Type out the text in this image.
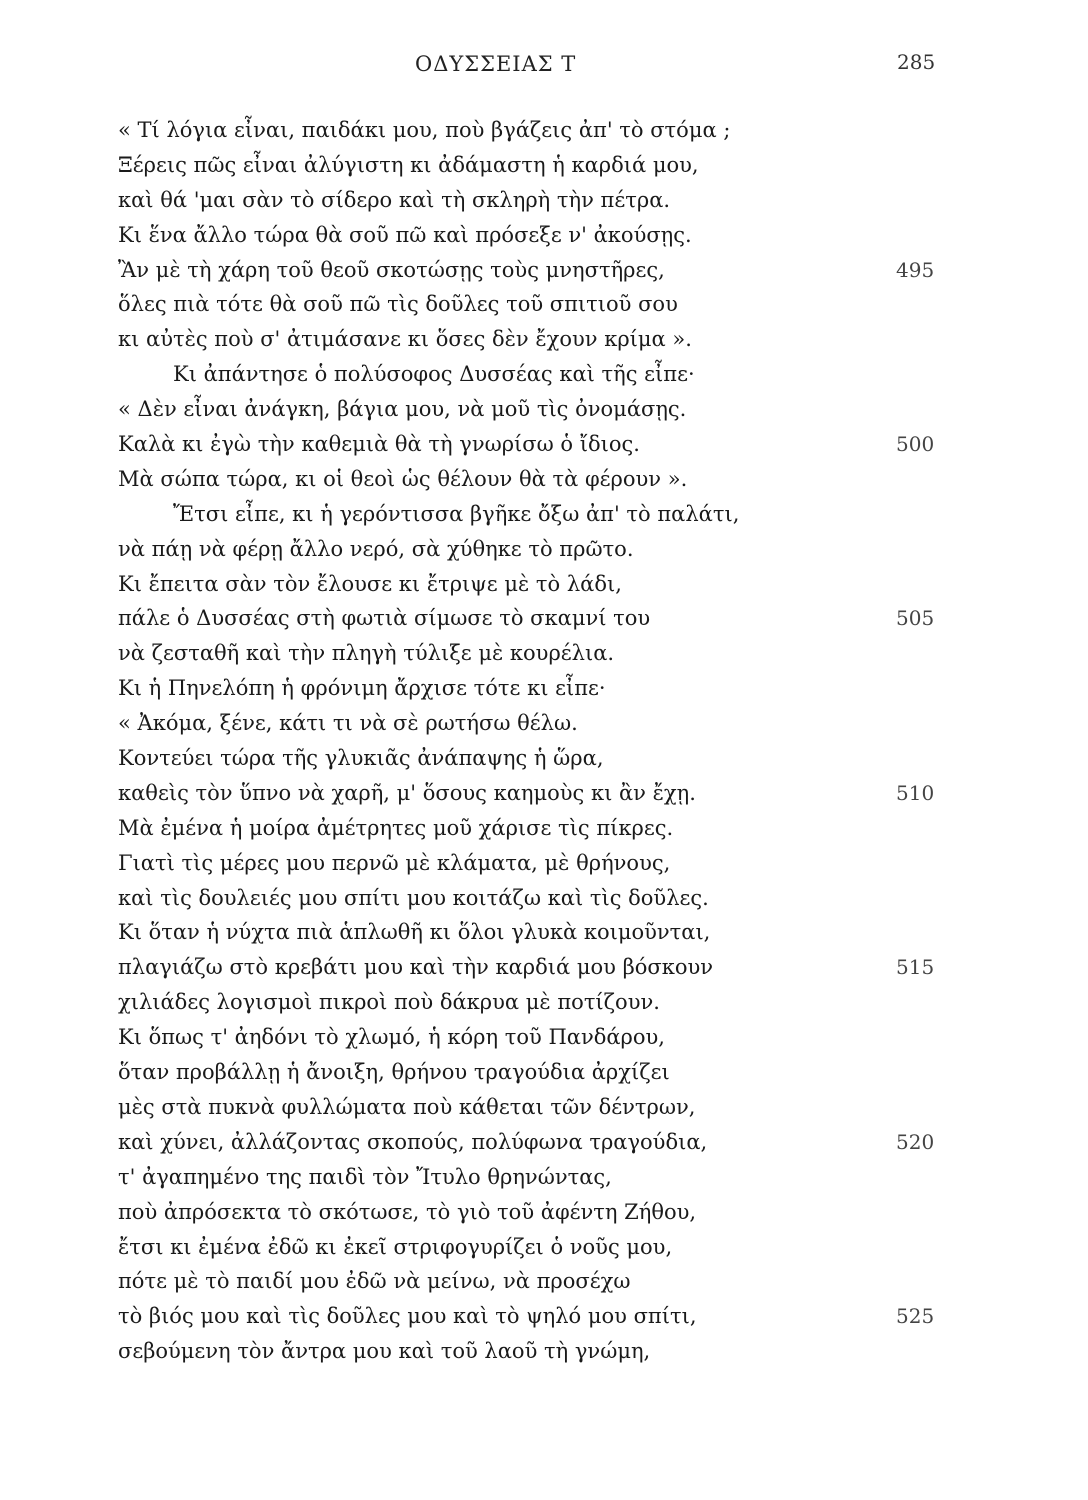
ΟΔΥΣΣΕΙΑΣ Τ	285
« Τί λόγια εἶναι, παιδάκι μου, ποὺ βγάζεις ἀπ' τὸ στόμα ;
Ξέρεις πῶς εἶναι ἀλύγιστη κι ἀδάμαστη ἡ καρδιά μου,
καὶ θά 'μαι σὰν τὸ σίδερο καὶ τὴ σκληρὴ τὴν πέτρα.
Κι ἕνα ἄλλο τώρα θὰ σοῦ πῶ καὶ πρόσεξε ν' ἀκούσῃς.
Ἂν μὲ τὴ χάρη τοῦ θεοῦ σκοτώσῃς τοὺς μνηστῆρες,	495
ὅλες πιὰ τότε θὰ σοῦ πῶ τὶς δοῦλες τοῦ σπιτιοῦ σου
κι αὐτὲς ποὺ σ' ἀτιμάσανε κι ὅσες δὲν ἔχουν κρίμα ».
Κι ἀπάντησε ὁ πολύσοφος Δυσσέας καὶ τῆς εἶπε·
« Δὲν εἶναι ἀνάγκη, βάγια μου, νὰ μοῦ τὶς ὀνομάσῃς.
Καλὰ κι ἐγὼ τὴν καθεμιὰ θὰ τὴ γνωρίσω ὁ ἴδιος.	500
Μὰ σώπα τώρα, κι οἱ θεοὶ ὡς θέλουν θὰ τὰ φέρουν ».
Ἔτσι εἶπε, κι ἡ γερόντισσα βγῆκε ὄξω ἀπ' τὸ παλάτι,
νὰ πάῃ νὰ φέρῃ ἄλλο νερό, σὰ χύθηκε τὸ πρῶτο.
Κι ἔπειτα σὰν τὸν ἔλουσε κι ἔτριψε μὲ τὸ λάδι,
πάλε ὁ Δυσσέας στὴ φωτιὰ σίμωσε τὸ σκαμνί του	505
νὰ ζεσταθῆ καὶ τὴν πληγὴ τύλιξε μὲ κουρέλια.
Κι ἡ Πηνελόπη ἡ φρόνιμη ἄρχισε τότε κι εἶπε·
« Ἀκόμα, ξένε, κάτι τι νὰ σὲ ρωτήσω θέλω.
Κοντεύει τώρα τῆς γλυκιᾶς ἀνάπαψης ἡ ὥρα,
καθεὶς τὸν ὕπνο νὰ χαρῆ, μ' ὅσους καημοὺς κι ἂν ἔχῃ.	510
Μὰ ἐμένα ἡ μοίρα ἀμέτρητες μοῦ χάρισε τὶς πίκρες.
Γιατὶ τὶς μέρες μου περνῶ μὲ κλάματα, μὲ θρήνους,
καὶ τὶς δουλειές μου σπίτι μου κοιτάζω καὶ τὶς δοῦλες.
Κι ὅταν ἡ νύχτα πιὰ ἁπλωθῆ κι ὅλοι γλυκὰ κοιμοῦνται,
πλαγιάζω στὸ κρεβάτι μου καὶ τὴν καρδιά μου βόσκουν	515
χιλιάδες λογισμοὶ πικροὶ ποὺ δάκρυα μὲ ποτίζουν.
Κι ὅπως τ' ἀηδόνι τὸ χλωμό, ἡ κόρη τοῦ Πανδάρου,
ὅταν προβάλλῃ ἡ ἄνοιξη, θρήνου τραγούδια ἀρχίζει
μὲς στὰ πυκνὰ φυλλώματα ποὺ κάθεται τῶν δέντρων,
καὶ χύνει, ἀλλάζοντας σκοπούς, πολύφωνα τραγούδια,	520
τ' ἀγαπημένο της παιδὶ τὸν Ἴτυλο θρηνώντας,
ποὺ ἀπρόσεκτα τὸ σκότωσε, τὸ γιὸ τοῦ ἀφέντη Ζήθου,
ἔτσι κι ἐμένα ἐδῶ κι ἐκεῖ στριφογυρίζει ὁ νοῦς μου,
πότε μὲ τὸ παιδί μου ἐδῶ νὰ μείνω, νὰ προσέχω
τὸ βιός μου καὶ τὶς δοῦλες μου καὶ τὸ ψηλό μου σπίτι,	525
σεβούμενη τὸν ἄντρα μου καὶ τοῦ λαοῦ τὴ γνώμη,
